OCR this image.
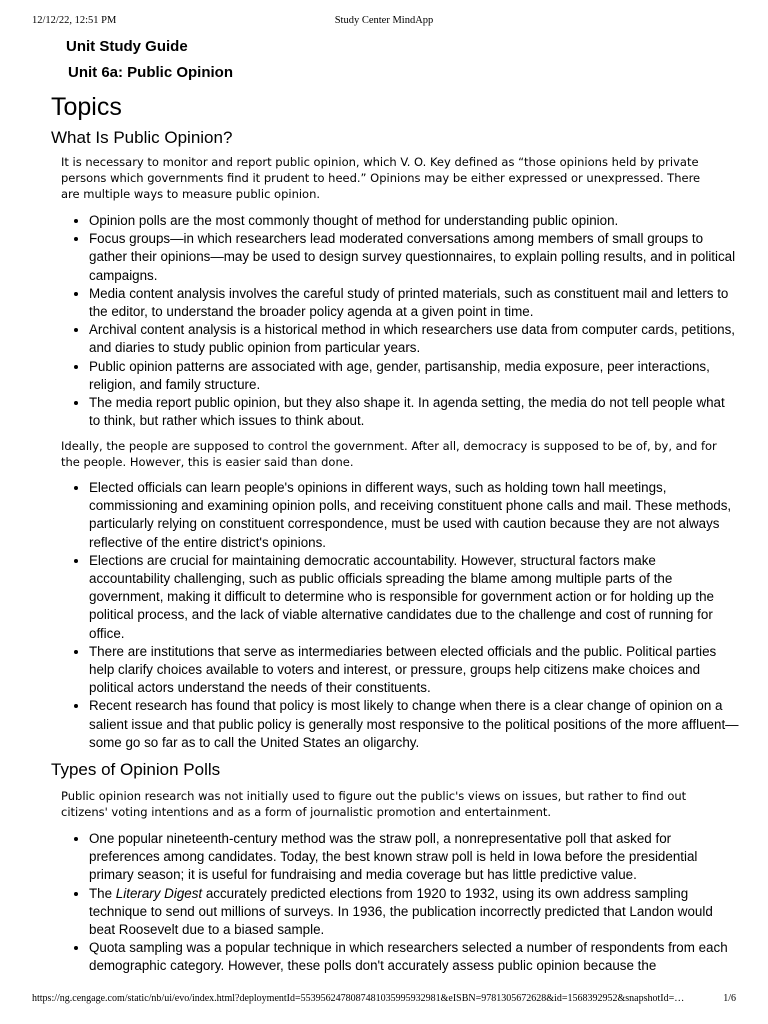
12/12/22, 12:51 PM	Study Center MindApp
Unit Study Guide
Unit 6a: Public Opinion
Topics
What Is Public Opinion?

It is necessary to monitor and report public opinion, which V. O. Key defined as “those opinions held by private persons which governments find it prudent to heed.” Opinions may be either expressed or unexpressed. There are multiple ways to measure public opinion.

• Opinion polls are the most commonly thought of method for understanding public opinion.
• Focus groups—in which researchers lead moderated conversations among members of small groups to gather their opinions—may be used to design survey questionnaires, to explain polling results, and in political campaigns.
• Media content analysis involves the careful study of printed materials, such as constituent mail and letters to the editor, to understand the broader policy agenda at a given point in time.
• Archival content analysis is a historical method in which researchers use data from computer cards, petitions, and diaries to study public opinion from particular years.
• Public opinion patterns are associated with age, gender, partisanship, media exposure, peer interactions, religion, and family structure.
• The media report public opinion, but they also shape it. In agenda setting, the media do not tell people what to think, but rather which issues to think about.

Ideally, the people are supposed to control the government. After all, democracy is supposed to be of, by, and for the people. However, this is easier said than done.

• Elected officials can learn people's opinions in different ways, such as holding town hall meetings, commissioning and examining opinion polls, and receiving constituent phone calls and mail. These methods, particularly relying on constituent correspondence, must be used with caution because they are not always reflective of the entire district's opinions.
• Elections are crucial for maintaining democratic accountability. However, structural factors make accountability challenging, such as public officials spreading the blame among multiple parts of the government, making it difficult to determine who is responsible for government action or for holding up the political process, and the lack of viable alternative candidates due to the challenge and cost of running for office.
• There are institutions that serve as intermediaries between elected officials and the public. Political parties help clarify choices available to voters and interest, or pressure, groups help citizens make choices and political actors understand the needs of their constituents.
• Recent research has found that policy is most likely to change when there is a clear change of opinion on a salient issue and that public policy is generally most responsive to the political positions of the more affluent—some go so far as to call the United States an oligarchy.
Types of Opinion Polls

Public opinion research was not initially used to figure out the public's views on issues, but rather to find out citizens' voting intentions and as a form of journalistic promotion and entertainment.

• One popular nineteenth-century method was the straw poll, a nonrepresentative poll that asked for preferences among candidates. Today, the best known straw poll is held in Iowa before the presidential primary season; it is useful for fundraising and media coverage but has little predictive value.
• The Literary Digest accurately predicted elections from 1920 to 1932, using its own address sampling technique to send out millions of surveys. In 1936, the publication incorrectly predicted that Landon would beat Roosevelt due to a biased sample.
• Quota sampling was a popular technique in which researchers selected a number of respondents from each demographic category. However, these polls don't accurately assess public opinion because the
https://ng.cengage.com/static/nb/ui/evo/index.html?deploymentId=5539562478087481035995932981&eISBN=9781305672628&id=1568392952&snapshotId=…	1/6
